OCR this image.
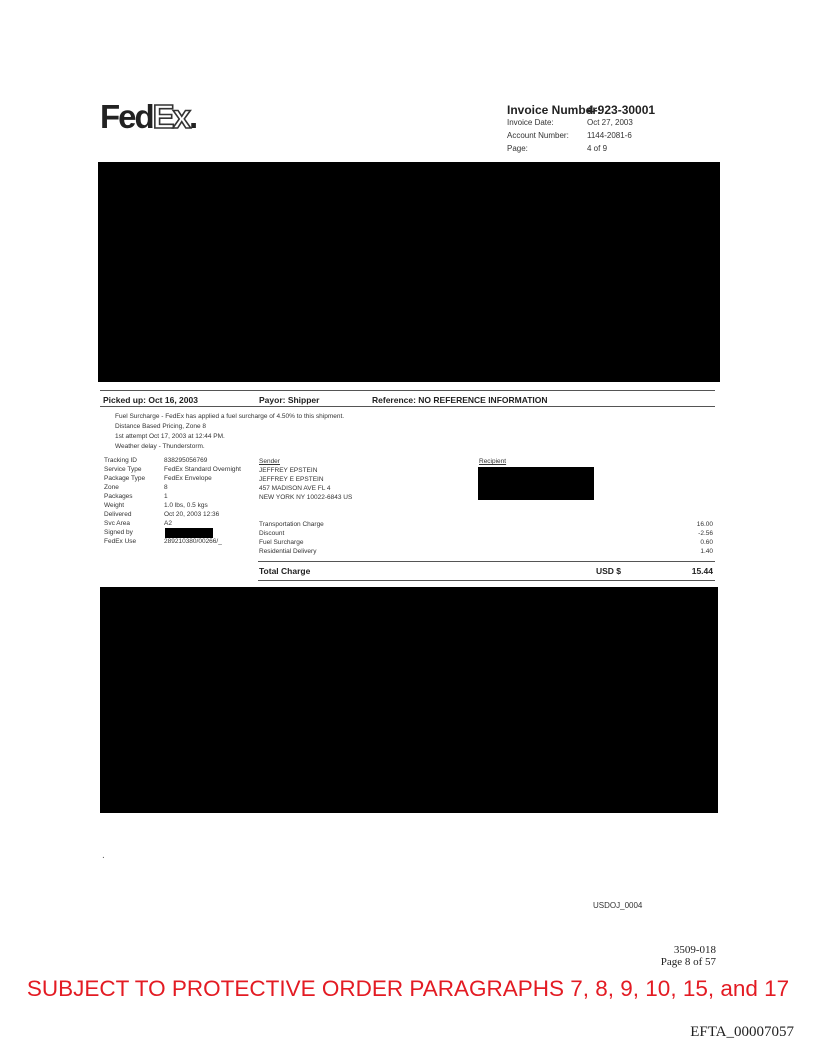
FedEx.	Invoice Number:4-923-30001
Invoice Date:	Oct 27, 2003
Account Number: 1144-2081-6
Page:	4 of 9
Picked up: Oct 16, 2003	Payor: Shipper	Reference: NO REFERENCE INFORMATION
Fuel Surcharge - FedEx has applied a fuel surcharge of 4.50% to this shipment.
Distance Based Pricing, Zone 8
1st attempt Oct 17, 2003 at 12:44 PM.
Weather delay - Thunderstorm.
Tracking ID	838295056769
Service Type	FedEx Standard Overnight
Package Type	FedEx Envelope
Zone	8
Packages	1
Weight	1.0 lbs, 0.5 kgs
Delivered	Oct 20, 2003 12:36
Svc Area	A2
Signed by
FedEx Use	289210380/00266/_
Sender
JEFFREY EPSTEIN
JEFFREY E EPSTEIN
457 MADISON AVE FL 4
NEW YORK NY 10022-6843 US
Recipient
Transportation Charge	16.00
Discount	-2.56
Fuel Surcharge	0.60
Residential Delivery	1.40
Total Charge	USD $	15.44
.
USDOJ_0004
3509-018
Page 8 of 57
SUBJECT TO PROTECTIVE ORDER PARAGRAPHS 7, 8, 9, 10, 15, and 17
EFTA_00007057
